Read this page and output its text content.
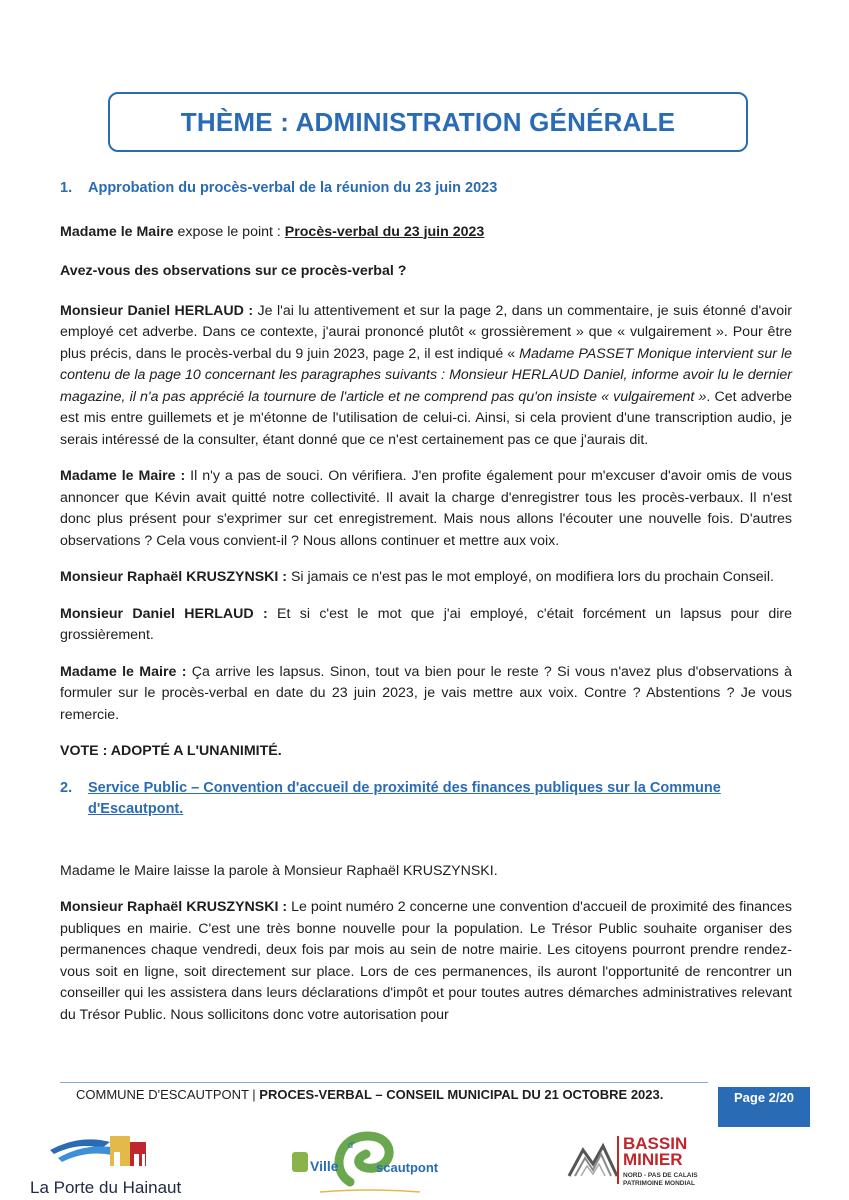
THÈME : ADMINISTRATION GÉNÉRALE
1.	Approbation du procès-verbal de la réunion du 23 juin 2023

Madame le Maire expose le point : Procès-verbal du 23 juin 2023

Avez-vous des observations sur ce procès-verbal ?

Monsieur Daniel HERLAUD : Je l'ai lu attentivement et sur la page 2, dans un commentaire, je suis étonné d'avoir employé cet adverbe. Dans ce contexte, j'aurai prononcé plutôt « grossièrement » que « vulgairement ». Pour être plus précis, dans le procès-verbal du 9 juin 2023, page 2, il est indiqué « Madame PASSET Monique intervient sur le contenu de la page 10 concernant les paragraphes suivants : Monsieur HERLAUD Daniel, informe avoir lu le dernier magazine, il n'a pas apprécié la tournure de l'article et ne comprend pas qu'on insiste « vulgairement ». Cet adverbe est mis entre guillemets et je m'étonne de l'utilisation de celui-ci. Ainsi, si cela provient d'une transcription audio, je serais intéressé de la consulter, étant donné que ce n'est certainement pas ce que j'aurais dit.

Madame le Maire : Il n'y a pas de souci. On vérifiera. J'en profite également pour m'excuser d'avoir omis de vous annoncer que Kévin avait quitté notre collectivité. Il avait la charge d'enregistrer tous les procès-verbaux. Il n'est donc plus présent pour s'exprimer sur cet enregistrement. Mais nous allons l'écouter une nouvelle fois. D'autres observations ? Cela vous convient-il ? Nous allons continuer et mettre aux voix.

Monsieur Raphaël KRUSZYNSKI : Si jamais ce n'est pas le mot employé, on modifiera lors du prochain Conseil.

Monsieur Daniel HERLAUD : Et si c'est le mot que j'ai employé, c'était forcément un lapsus pour dire grossièrement.

Madame le Maire : Ça arrive les lapsus. Sinon, tout va bien pour le reste ? Si vous n'avez plus d'observations à formuler sur le procès-verbal en date du 23 juin 2023, je vais mettre aux voix. Contre ? Abstentions ? Je vous remercie.

VOTE : ADOPTÉ A L'UNANIMITÉ.

2.	Service Public – Convention d'accueil de proximité des finances publiques sur la Commune d'Escautpont.

Madame le Maire laisse la parole à Monsieur Raphaël KRUSZYNSKI.

Monsieur Raphaël KRUSZYNSKI : Le point numéro 2 concerne une convention d'accueil de proximité des finances publiques en mairie. C'est une très bonne nouvelle pour la population. Le Trésor Public souhaite organiser des permanences chaque vendredi, deux fois par mois au sein de notre mairie. Les citoyens pourront prendre rendez-vous soit en ligne, soit directement sur place. Lors de ces permanences, ils auront l'opportunité de rencontrer un conseiller qui les assistera dans leurs déclarations d'impôt et pour toutes autres démarches administratives relevant du Trésor Public. Nous sollicitons donc votre autorisation pour

COMMUNE D'ESCAUTPONT | PROCES-VERBAL – CONSEIL MUNICIPAL DU 21 OCTOBRE 2023.	Page 2/20
La Porte du Hainaut
d'
Ville	scautpont
BASSIN
MINIER
NORD - PAS DE CALAIS
PATRIMOINE MONDIAL
